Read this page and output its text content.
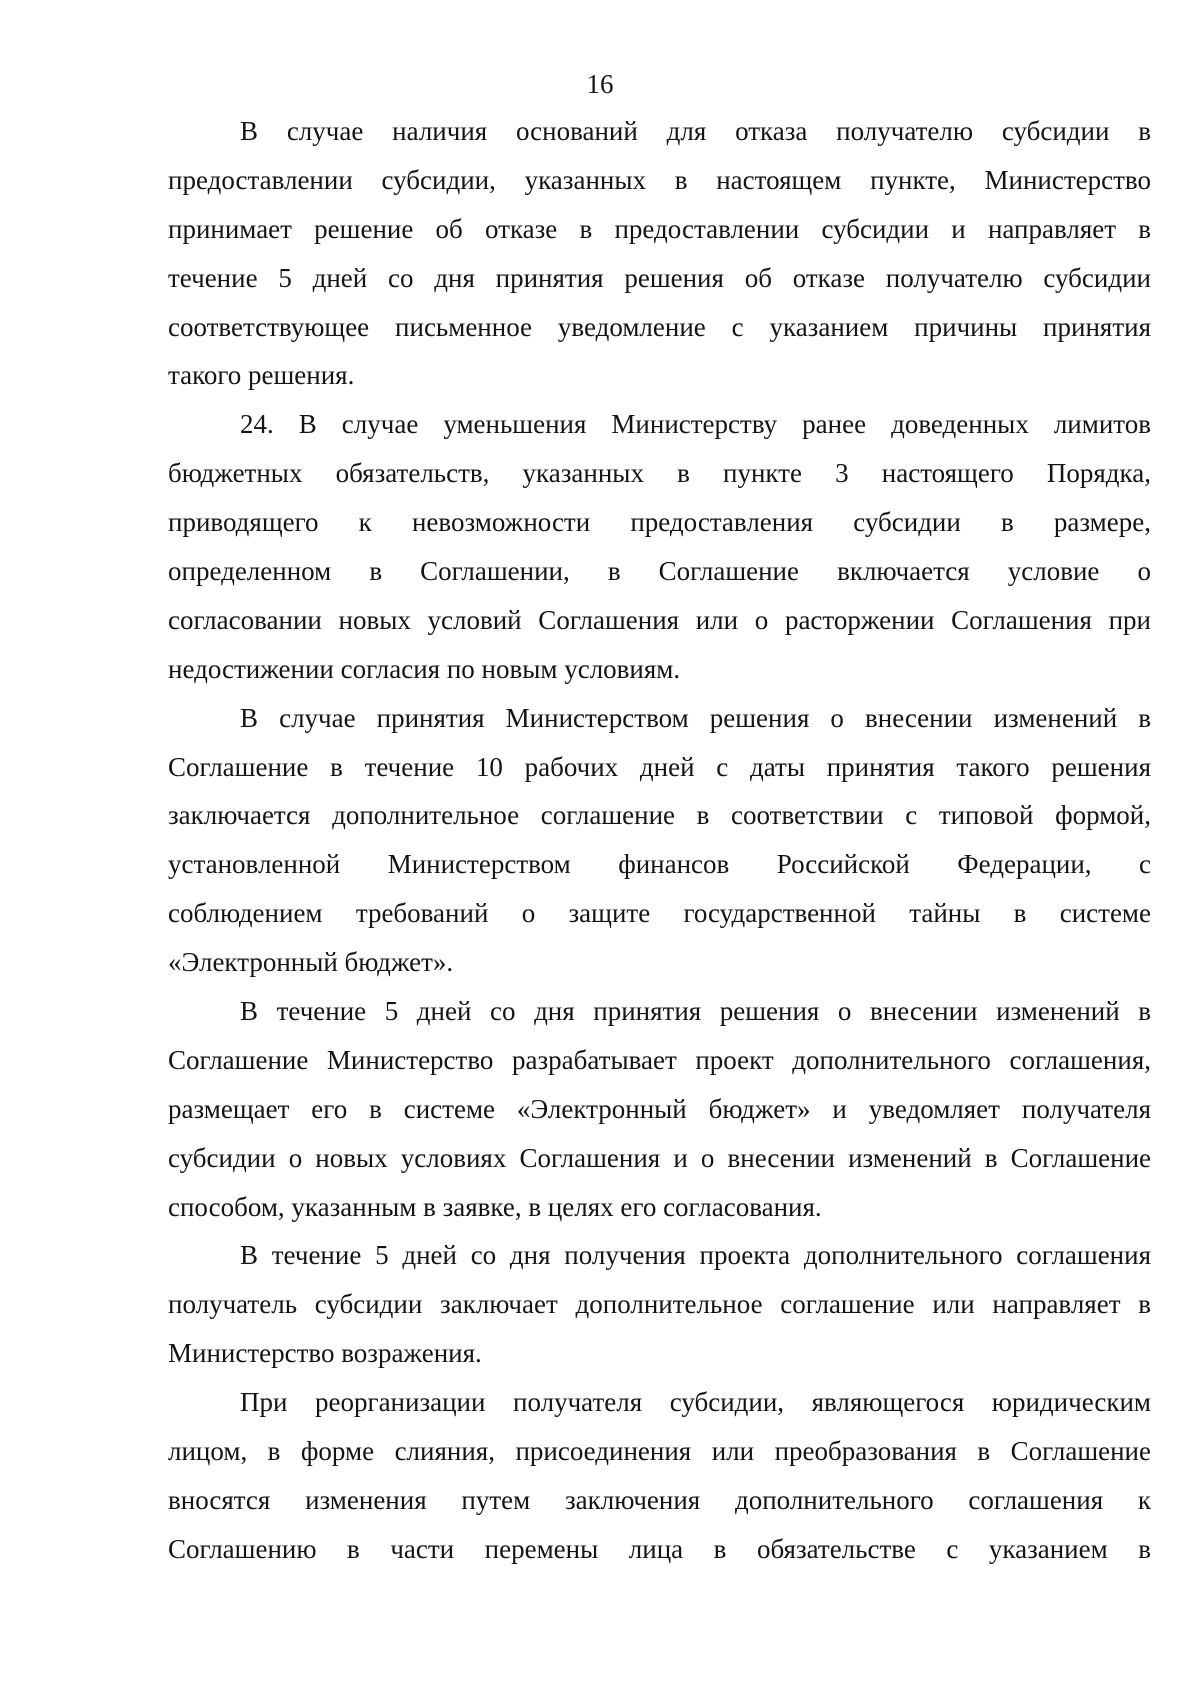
16
В случае наличия оснований для отказа получателю субсидии в
предоставлении субсидии, указанных в настоящем пункте, Министерство
принимает решение об отказе в предоставлении субсидии и направляет в
течение 5 дней со дня принятия решения об отказе получателю субсидии
соответствующее письменное уведомление с указанием причины принятия
такого решения.
24. В случае уменьшения Министерству ранее доведенных лимитов
бюджетных обязательств, указанных в пункте 3 настоящего Порядка,
приводящего к невозможности предоставления субсидии в размере,
определенном в Соглашении, в Соглашение включается условие о
согласовании новых условий Соглашения или о расторжении Соглашения при
недостижении согласия по новым условиям.
В случае принятия Министерством решения о внесении изменений в
Соглашение в течение 10 рабочих дней с даты принятия такого решения
заключается дополнительное соглашение в соответствии с типовой формой,
установленной Министерством финансов Российской Федерации, с
соблюдением требований о защите государственной тайны в системе
«Электронный бюджет».
В течение 5 дней со дня принятия решения о внесении изменений в
Соглашение Министерство разрабатывает проект дополнительного соглашения,
размещает его в системе «Электронный бюджет» и уведомляет получателя
субсидии о новых условиях Соглашения и о внесении изменений в Соглашение
способом, указанным в заявке, в целях его согласования.
В течение 5 дней со дня получения проекта дополнительного соглашения
получатель субсидии заключает дополнительное соглашение или направляет в
Министерство возражения.
При реорганизации получателя субсидии, являющегося юридическим
лицом, в форме слияния, присоединения или преобразования в Соглашение
вносятся изменения путем заключения дополнительного соглашения к
Соглашению в части перемены лица в обязательстве с указанием в
